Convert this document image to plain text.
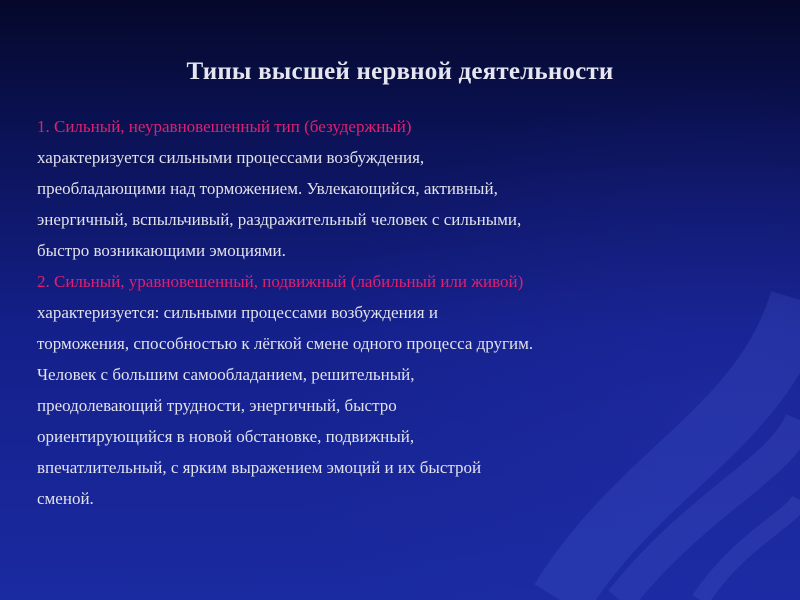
Типы высшей нервной деятельности
1. Сильный, неуравновешенный тип (безудержный)
характеризуется сильными процессами возбуждения,
преобладающими над торможением. Увлекающийся, активный,
энергичный, вспыльчивый, раздражительный человек с сильными,
быстро возникающими эмоциями.
2. Сильный, уравновешенный, подвижный (лабильный или живой)
характеризуется: сильными процессами возбуждения и
торможения, способностью к лёгкой смене одного процесса другим.
Человек с большим самообладанием, решительный,
преодолевающий трудности, энергичный, быстро
ориентирующийся в новой обстановке, подвижный,
впечатлительный, с ярким выражением эмоций и их быстрой
сменой.
